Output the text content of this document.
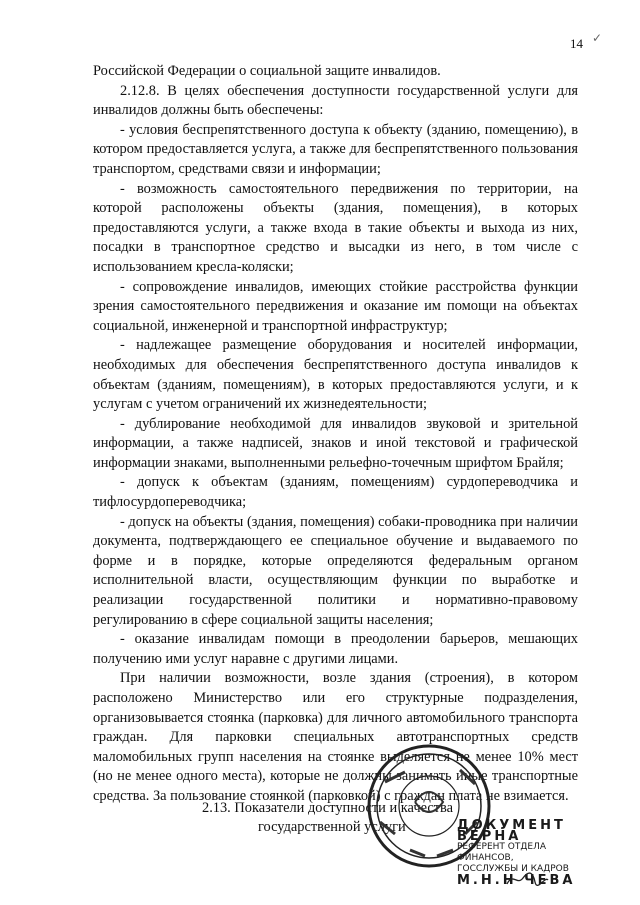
✓
14

Российской Федерации о социальной защите инвалидов.

2.12.8. В целях обеспечения доступности государственной услуги для инвалидов должны быть обеспечены:

- условия беспрепятственного доступа к объекту (зданию, помещению), в котором предоставляется услуга, а также для беспрепятственного пользования транспортом, средствами связи и информации;

- возможность самостоятельного передвижения по территории, на которой расположены объекты (здания, помещения), в которых предоставляются услуги, а также входа в такие объекты и выхода из них, посадки в транспортное средство и высадки из него, в том числе с использованием кресла-коляски;

- сопровождение инвалидов, имеющих стойкие расстройства функции зрения самостоятельного передвижения и оказание им помощи на объектах социальной, инженерной и транспортной инфраструктур;

- надлежащее размещение оборудования и носителей информации, необходимых для обеспечения беспрепятственного доступа инвалидов к объектам (зданиям, помещениям), в которых предоставляются услуги, и к услугам с учетом ограничений их жизнедеятельности;

- дублирование необходимой для инвалидов звуковой и зрительной информации, а также надписей, знаков и иной текстовой и графической информации знаками, выполненными рельефно-точечным шрифтом Брайля;

- допуск к объектам (зданиям, помещениям) сурдопереводчика и тифлосурдопереводчика;

- допуск на объекты (здания, помещения) собаки-проводника при наличии документа, подтверждающего ее специальное обучение и выдаваемого по форме и в порядке, которые определяются федеральным органом исполнительной власти, осуществляющим функции по выработке и реализации государственной политики и нормативно-правовому регулированию в сфере социальной защиты населения;

- оказание инвалидам помощи в преодолении барьеров, мешающих получению ими услуг наравне с другими лицами.

При наличии возможности, возле здания (строения), в котором расположено Министерство или его структурные подразделения, организовывается стоянка (парковка) для личного автомобильного транспорта граждан. Для парковки специальных автотранспортных средств маломобильных групп населения на стоянке выделяется не менее 10% мест (но не менее одного места), которые не должны занимать иные транспортные средства. За пользование стоянкой (парковкой) с граждан плата не взимается.

2.13. Показатели доступности и качества
государственной услуги	ДОКУМЕНТ ВЕРНА
РЕФЕРЕНТ ОТДЕЛА ФИНАНСОВ,
ГОССЛУЖБЫ И КАДРОВ
М.Н.Н ЧЕВА
